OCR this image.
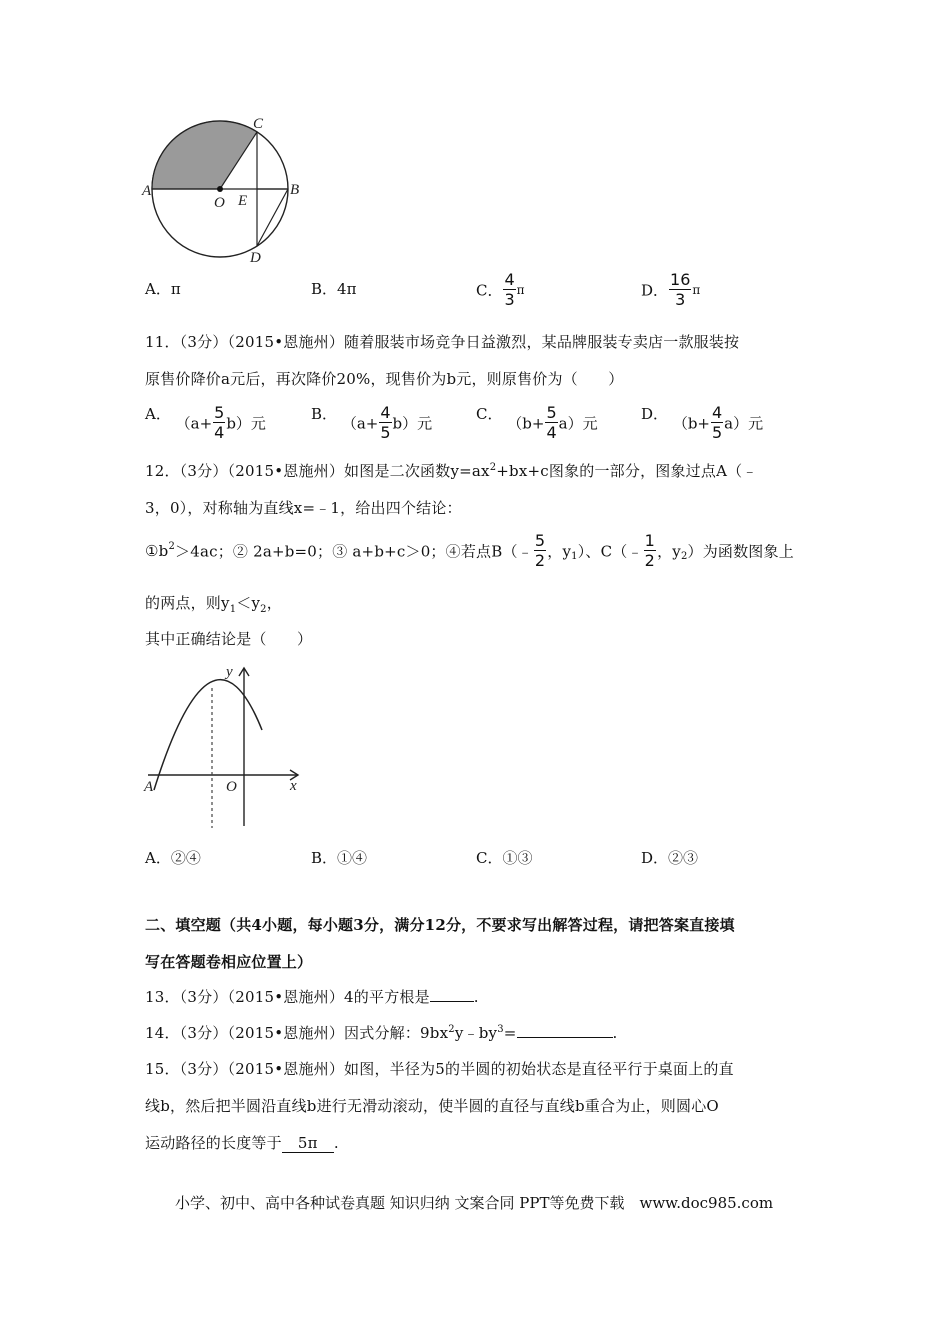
A
C
B
O E
D
A．π	B．4π	C． $\frac{4}{3}$ π	D． $\frac{16}{3}$ π
11．（3分）（2015•恩施州）随着服装市场竞争日益激烈，某品牌服装专卖店一款服装按
原售价降价a元后，再次降价20%，现售价为b元，则原售价为（　　）
A． $(a+ \frac{5}{4} b)$元
B． $(a+ \frac{4}{5} b)$元
C． $(b+ \frac{5}{4} a)$元
D． $(b+ \frac{4}{5} a)$元
12．（3分）（2015•恩施州）如图是二次函数$y=ax^2+bx+c$图象的一部分，图象过点A（﹣
3，0），对称轴为直线x=﹣1，给出四个结论：
$①b^2>4ac$；② 2a+b=0；③ a+b+c＞0；④若点B（﹣ $\frac{5}{2}$ ，$y_1$）、C（﹣ $\frac{1}{2}$ ，$y_2$）为函数图象上
的两点，则$y_1<y_2$，
其中正确结论是（　　）
y
x
A	O
A．②④	B．①④	C．①③	D．②③
二、填空题（共4小题，每小题3分，满分12分，不要求写出解答过程，请把答案直接填
写在答题卷相应位置上）
13．（3分）（2015•恩施州）4的平方根是	.
14．（3分）（2015•恩施州）因式分解：$9bx^2y﹣by^3=$	.
15．（3分）（2015•恩施州）如图，半径为5的半圆的初始状态是直径平行于桌面上的直
线b，然后把半圆沿直线b进行无滑动滚动，使半圆的直径与直线b重合为止，则圆心O
运动路径的长度等于 5π .
小学、初中、高中各种试卷真题 知识归纳 文案合同 PPT等免费下载　www.doc985.com
